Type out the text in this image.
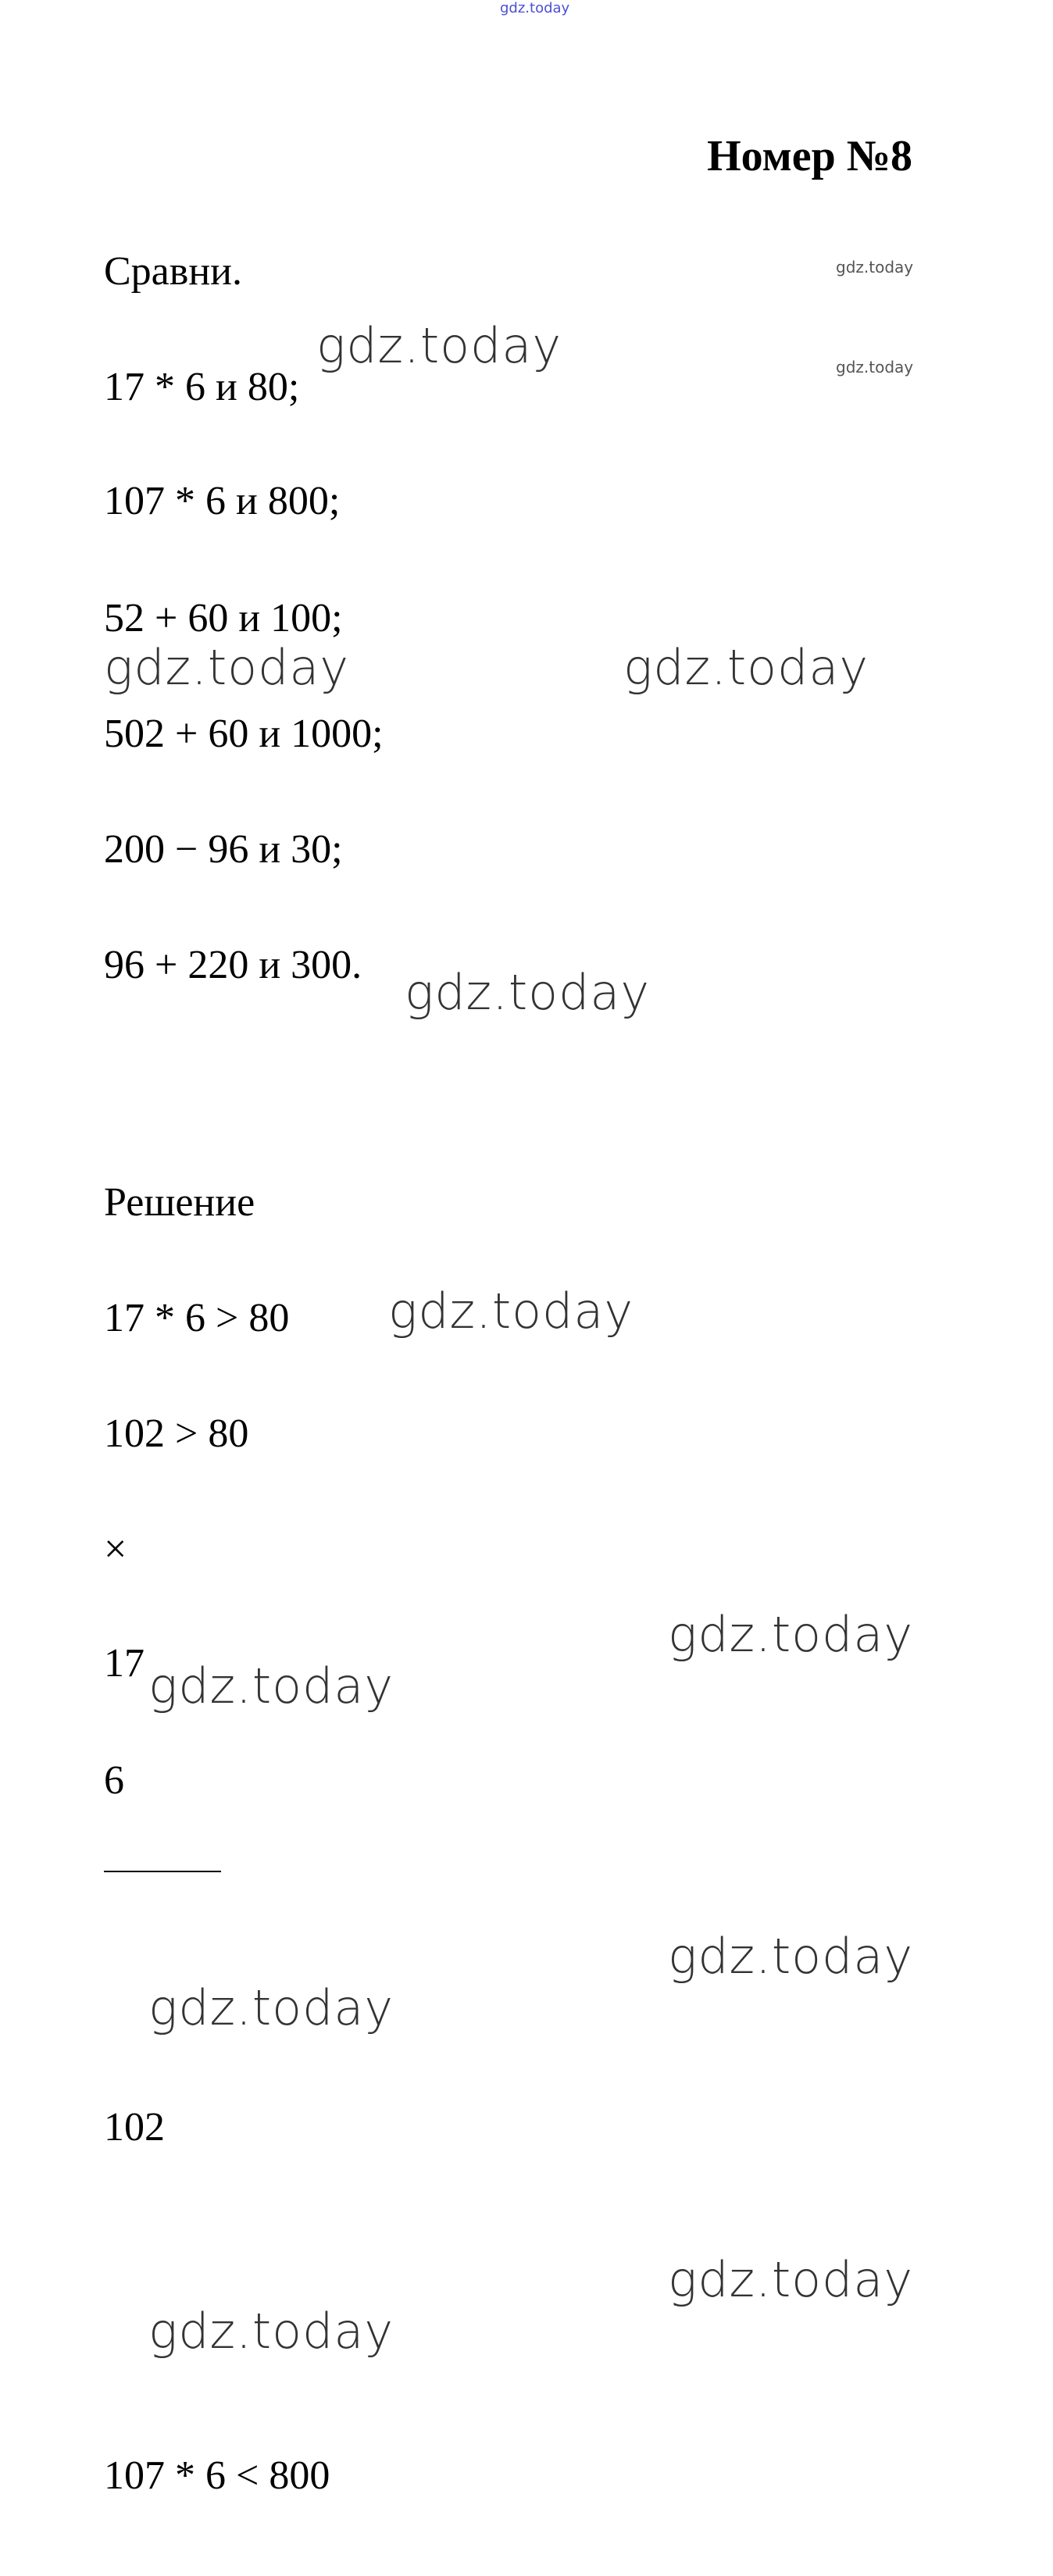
gdz.today
Номер №8
Сравни.
17 * 6 и 80;
107 * 6 и 800;
52 + 60 и 100;
502 + 60 и 1000;
200 − 96 и 30;
96 + 220 и 300.
Решение
17 * 6 > 80
102 > 80
×
17
6
102
107 * 6 < 800
gdz.today
gdz.today
gdz.today
gdz.today	gdz.today
gdz.today
gdz.today
gdz.today
gdz.today
gdz.today
gdz.today
gdz.today
gdz.today
